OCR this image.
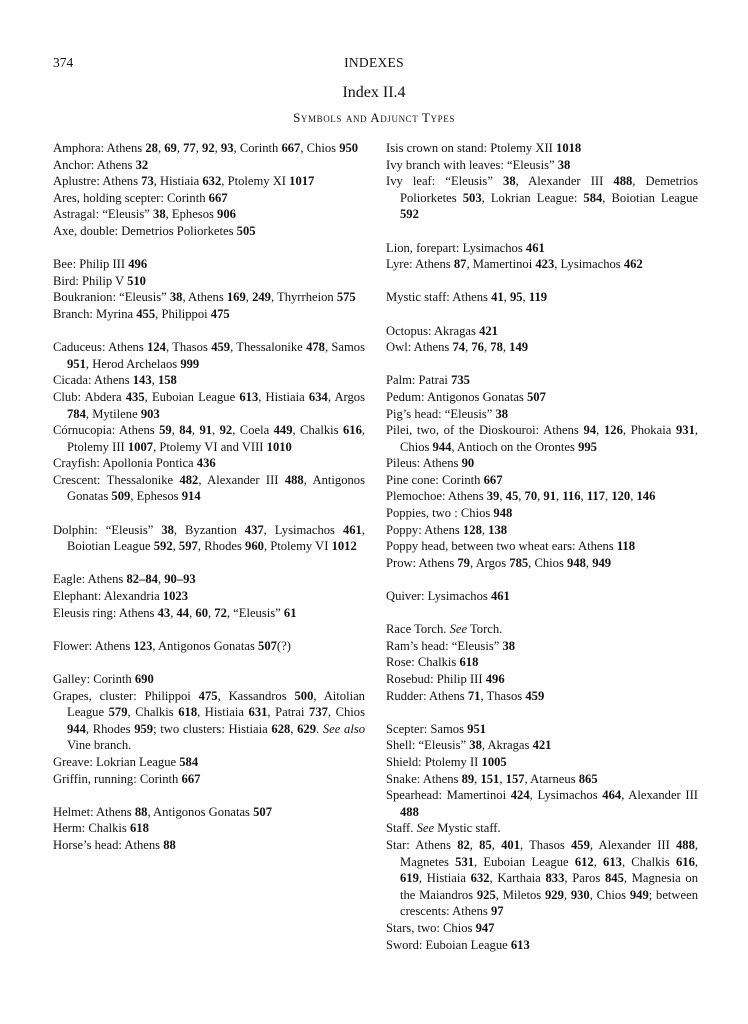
374	INDEXES
Index II.4
Symbols and Adjunct Types
Amphora: Athens 28, 69, 77, 92, 93, Corinth 667, Chios 950
Anchor: Athens 32
Aplustre: Athens 73, Histiaia 632, Ptolemy XI 1017
Ares, holding scepter: Corinth 667
Astragal: “Eleusis” 38, Ephesos 906
Axe, double: Demetrios Poliorketes 505
Bee: Philip III 496
Bird: Philip V 510
Boukranion: “Eleusis” 38, Athens 169, 249, Thyrrheion 575
Branch: Myrina 455, Philippoi 475
Caduceus: Athens 124, Thasos 459, Thessalonike 478, Samos 951, Herod Archelaos 999
Cicada: Athens 143, 158
Club: Abdera 435, Euboian League 613, Histiaia 634, Argos 784, Mytilene 903
Córnucopia: Athens 59, 84, 91, 92, Coela 449, Chalkis 616, Ptolemy III 1007, Ptolemy VI and VIII 1010
Crayfish: Apollonia Pontica 436
Crescent: Thessalonike 482, Alexander III 488, Antigonos Gonatas 509, Ephesos 914
Dolphin: “Eleusis” 38, Byzantion 437, Lysimachos 461, Boiotian League 592, 597, Rhodes 960, Ptolemy VI 1012
Eagle: Athens 82–84, 90–93
Elephant: Alexandria 1023
Eleusis ring: Athens 43, 44, 60, 72, “Eleusis” 61
Flower: Athens 123, Antigonos Gonatas 507(?)
Galley: Corinth 690
Grapes, cluster: Philippoi 475, Kassandros 500, Aitolian League 579, Chalkis 618, Histiaia 631, Patrai 737, Chios 944, Rhodes 959; two clusters: Histiaia 628, 629. See also Vine branch.
Greave: Lokrian League 584
Griffin, running: Corinth 667
Helmet: Athens 88, Antigonos Gonatas 507
Herm: Chalkis 618
Horse’s head: Athens 88
Isis crown on stand: Ptolemy XII 1018
Ivy branch with leaves: “Eleusis” 38
Ivy leaf: “Eleusis” 38, Alexander III 488, Demetrios Poliorketes 503, Lokrian League: 584, Boiotian League 592
Lion, forepart: Lysimachos 461
Lyre: Athens 87, Mamertinoi 423, Lysimachos 462
Mystic staff: Athens 41, 95, 119
Octopus: Akragas 421
Owl: Athens 74, 76, 78, 149
Palm: Patrai 735
Pedum: Antigonos Gonatas 507
Pig’s head: “Eleusis” 38
Pilei, two, of the Dioskouroi: Athens 94, 126, Phokaia 931, Chios 944, Antioch on the Orontes 995
Pileus: Athens 90
Pine cone: Corinth 667
Plemochoe: Athens 39, 45, 70, 91, 116, 117, 120, 146
Poppies, two : Chios 948
Poppy: Athens 128, 138
Poppy head, between two wheat ears: Athens 118
Prow: Athens 79, Argos 785, Chios 948, 949
Quiver: Lysimachos 461
Race Torch. See Torch.
Ram’s head: “Eleusis” 38
Rose: Chalkis 618
Rosebud: Philip III 496
Rudder: Athens 71, Thasos 459
Scepter: Samos 951
Shell: “Eleusis” 38, Akragas 421
Shield: Ptolemy II 1005
Snake: Athens 89, 151, 157, Atarneus 865
Spearhead: Mamertinoi 424, Lysimachos 464, Alexander III 488
Staff. See Mystic staff.
Star: Athens 82, 85, 401, Thasos 459, Alexander III 488, Magnetes 531, Euboian League 612, 613, Chalkis 616, 619, Histiaia 632, Karthaia 833, Paros 845, Magnesia on the Maiandros 925, Miletos 929, 930, Chios 949; between crescents: Athens 97
Stars, two: Chios 947
Sword: Euboian League 613
